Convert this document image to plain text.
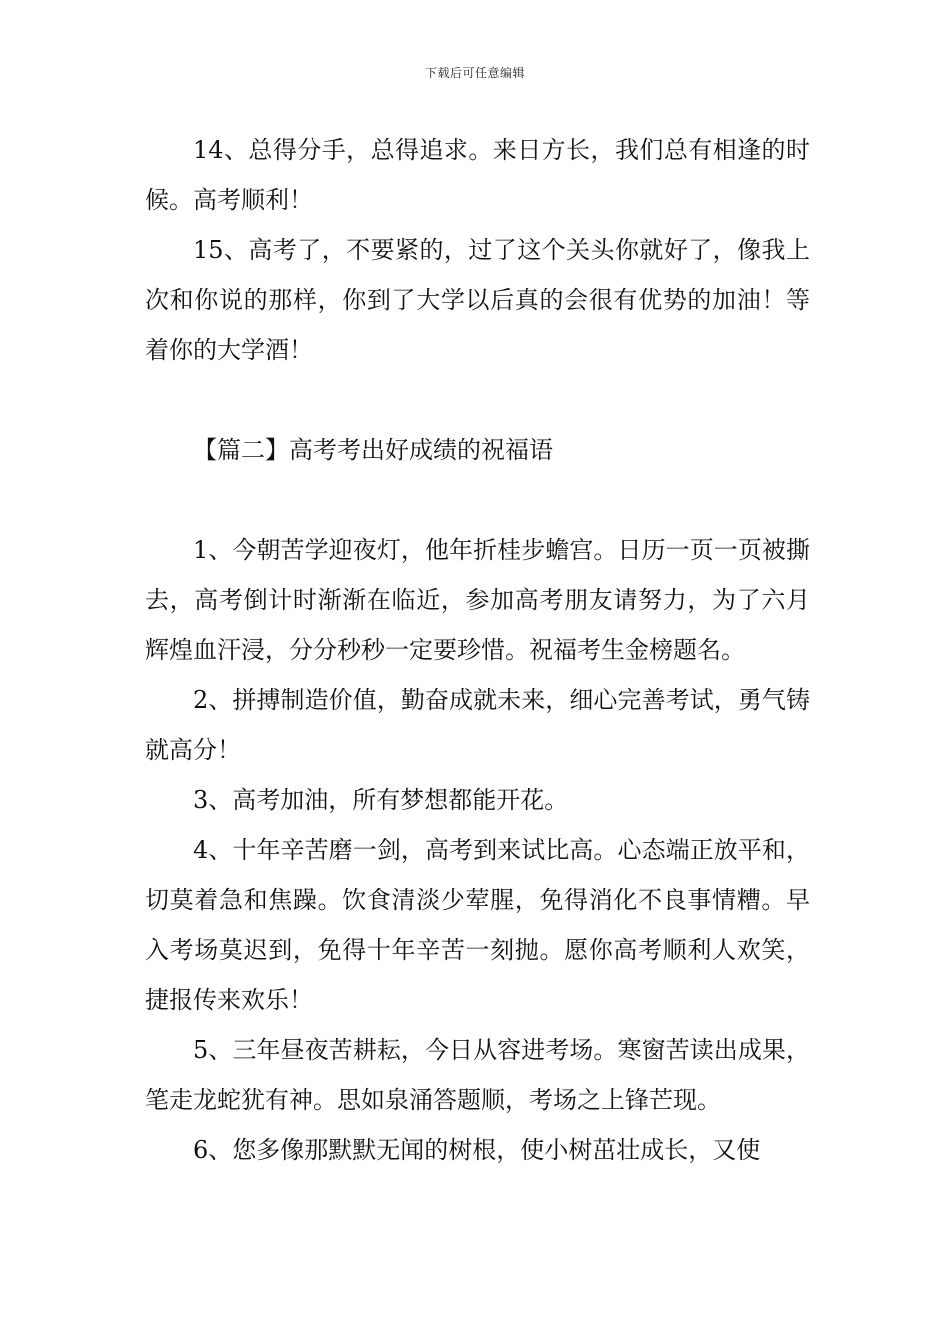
下载后可任意编辑

14、总得分手，总得追求。来日方长，我们总有相逢的时候。高考顺利！

15、高考了，不要紧的，过了这个关头你就好了，像我上次和你说的那样，你到了大学以后真的会很有优势的加油！等着你的大学酒！

【篇二】高考考出好成绩的祝福语

1、今朝苦学迎夜灯，他年折桂步蟾宫。日历一页一页被撕去，高考倒计时渐渐在临近，参加高考朋友请努力，为了六月辉煌血汗浸，分分秒秒一定要珍惜。祝福考生金榜题名。

2、拼搏制造价值，勤奋成就未来，细心完善考试，勇气铸就高分！

3、高考加油，所有梦想都能开花。

4、十年辛苦磨一剑，高考到来试比高。心态端正放平和，切莫着急和焦躁。饮食清淡少荤腥，免得消化不良事情糟。早入考场莫迟到，免得十年辛苦一刻抛。愿你高考顺利人欢笑，捷报传来欢乐！

5、三年昼夜苦耕耘，今日从容进考场。寒窗苦读出成果，笔走龙蛇犹有神。思如泉涌答题顺，考场之上锋芒现。

6、您多像那默默无闻的树根，使小树茁壮成长，又使
